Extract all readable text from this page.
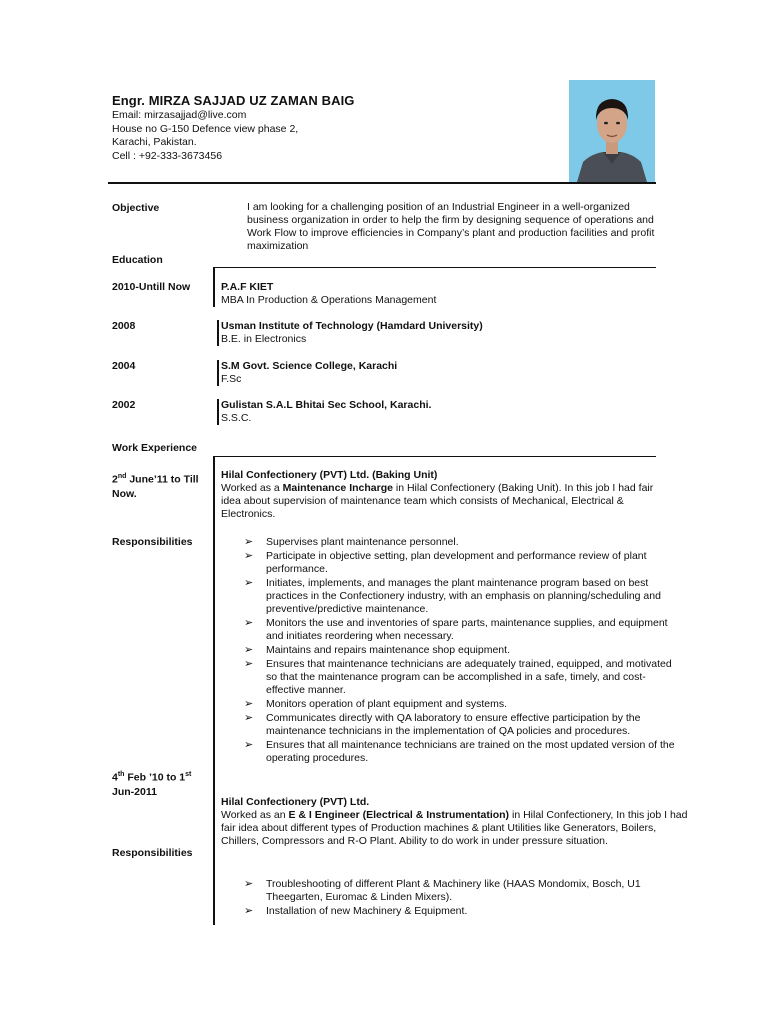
Engr. MIRZA SAJJAD UZ ZAMAN BAIG
Email: mirzasajjad@live.com
House no G-150 Defence view phase 2,
Karachi, Pakistan.
Cell : +92-333-3673456
Objective	I am looking for a challenging position of an Industrial Engineer in a well-organized business organization in order to help the firm by designing sequence of operations and Work Flow to improve efficiencies in Company’s plant and production facilities and profit maximization
Education
2010-Untill Now	P.A.F KIET
MBA In Production & Operations Management
2008	Usman Institute of Technology (Hamdard University)
B.E. in Electronics
2004	S.M Govt. Science College, Karachi
F.Sc
2002	Gulistan S.A.L Bhitai Sec School, Karachi.
S.S.C.
Work Experience
2nd June’11 to Till
Now.
Hilal Confectionery (PVT) Ltd. (Baking Unit)
Worked as a Maintenance Incharge in Hilal Confectionery (Baking Unit). In this job I had fair idea about supervision of maintenance team which consists of Mechanical, Electrical & Electronics.
Responsibilities	➢ Supervises plant maintenance personnel.
➢ Participate in objective setting, plan development and performance review of plant performance.
➢ Initiates, implements, and manages the plant maintenance program based on best practices in the Confectionery industry, with an emphasis on planning/scheduling and preventive/predictive maintenance.
➢ Monitors the use and inventories of spare parts, maintenance supplies, and equipment and initiates reordering when necessary.
➢ Maintains and repairs maintenance shop equipment.
➢ Ensures that maintenance technicians are adequately trained, equipped, and motivated so that the maintenance program can be accomplished in a safe, timely, and cost-effective manner.
➢ Monitors operation of plant equipment and systems.
➢ Communicates directly with QA laboratory to ensure effective participation by the maintenance technicians in the implementation of QA policies and procedures.
➢ Ensures that all maintenance technicians are trained on the most updated version of the operating procedures.
4th Feb ’10 to 1st
Jun-2011
Hilal Confectionery (PVT) Ltd.
Worked as an E & I Engineer (Electrical & Instrumentation) in Hilal Confectionery, In this job I had fair idea about different types of Production machines & plant Utilities like Generators, Boilers, Chillers, Compressors and R-O Plant. Ability to do work in under pressure situation.
Responsibilities
➢ Troubleshooting of different Plant & Machinery like (HAAS Mondomix, Bosch, U1 Theegarten, Euromac & Linden Mixers).
➢ Installation of new Machinery & Equipment.
